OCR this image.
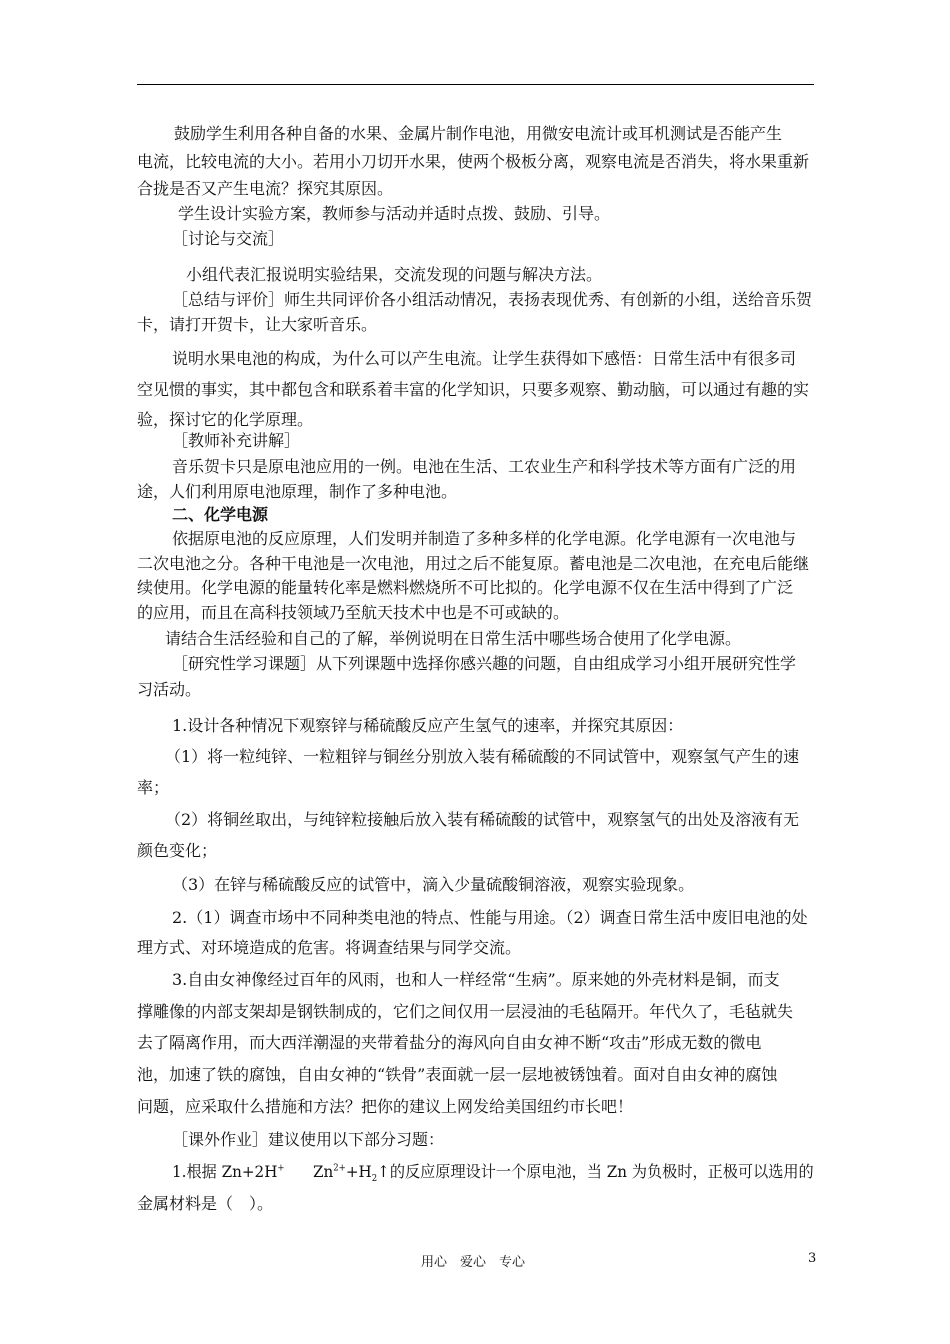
鼓励学生利用各种自备的水果、金属片制作电池，用微安电流计或耳机测试是否能产生
电流，比较电流的大小。若用小刀切开水果，使两个极板分离，观察电流是否消失，将水果重新
合拢是否又产生电流？探究其原因。
学生设计实验方案，教师参与活动并适时点拨、鼓励、引导。
［讨论与交流］
小组代表汇报说明实验结果，交流发现的问题与解决方法。
［总结与评价］师生共同评价各小组活动情况，表扬表现优秀、有创新的小组，送给音乐贺
卡，请打开贺卡，让大家听音乐。
说明水果电池的构成，为什么可以产生电流。让学生获得如下感悟：日常生活中有很多司
空见惯的事实，其中都包含和联系着丰富的化学知识，只要多观察、勤动脑，可以通过有趣的实
验，探讨它的化学原理。
［教师补充讲解］
音乐贺卡只是原电池应用的一例。电池在生活、工农业生产和科学技术等方面有广泛的用
途，人们利用原电池原理，制作了多种电池。
二、化学电源
依据原电池的反应原理，人们发明并制造了多种多样的化学电源。化学电源有一次电池与
二次电池之分。各种干电池是一次电池，用过之后不能复原。蓄电池是二次电池，在充电后能继
续使用。化学电源的能量转化率是燃料燃烧所不可比拟的。化学电源不仅在生活中得到了广泛
的应用，而且在高科技领域乃至航天技术中也是不可或缺的。
请结合生活经验和自己的了解，举例说明在日常生活中哪些场合使用了化学电源。
［研究性学习课题］从下列课题中选择你感兴趣的问题，自由组成学习小组开展研究性学
习活动。
1.设计各种情况下观察锌与稀硫酸反应产生氢气的速率，并探究其原因：
（1）将一粒纯锌、一粒粗锌与铜丝分别放入装有稀硫酸的不同试管中，观察氢气产生的速
率；
（2）将铜丝取出，与纯锌粒接触后放入装有稀硫酸的试管中，观察氢气的出处及溶液有无
颜色变化；
（3）在锌与稀硫酸反应的试管中，滴入少量硫酸铜溶液，观察实验现象。
2.（1）调查市场中不同种类电池的特点、性能与用途。（2）调查日常生活中废旧电池的处
理方式、对环境造成的危害。将调查结果与同学交流。
3.自由女神像经过百年的风雨，也和人一样经常“生病”。原来她的外壳材料是铜，而支
撑雕像的内部支架却是钢铁制成的，它们之间仅用一层浸油的毛毡隔开。年代久了，毛毡就失
去了隔离作用，而大西洋潮湿的夹带着盐分的海风向自由女神不断“攻击”形成无数的微电
池，加速了铁的腐蚀，自由女神的“铁骨”表面就一层一层地被锈蚀着。面对自由女神的腐蚀
问题，应采取什么措施和方法？把你的建议上网发给美国纽约市长吧！
［课外作业］建议使用以下部分习题：
1.根据 Zn+2H+ $Zn^{2+}+H_2↑$的反应原理设计一个原电池，当 Zn 为负极时，正极可以选用的
金属材料是（　）。
用心　爱心　专心	3
